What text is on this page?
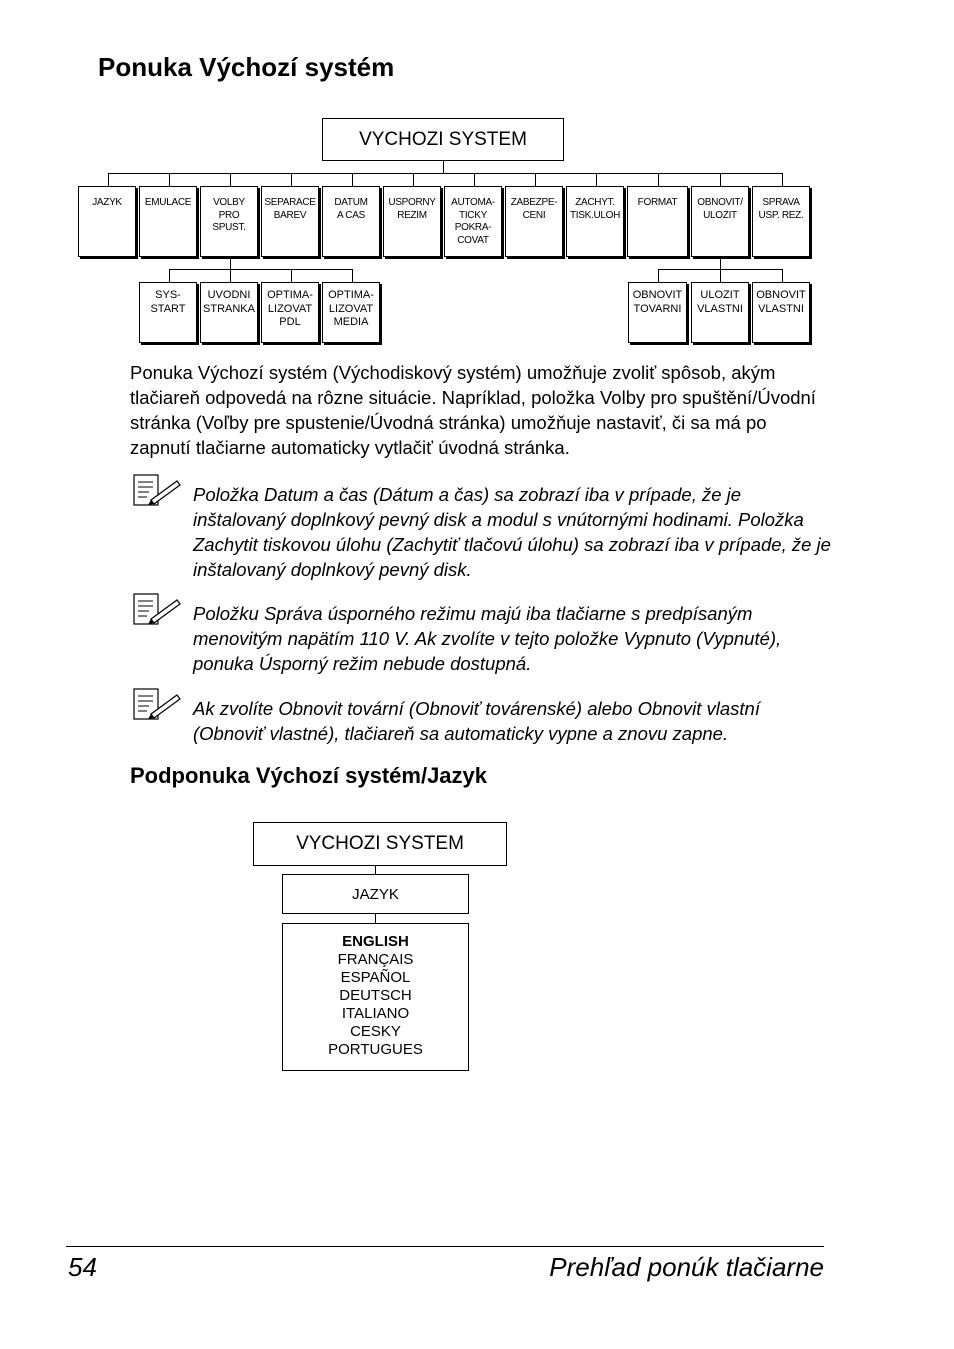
Ponuka Výchozí systém
VYCHOZI SYSTEM
JAZYK	EMULACE	VOLBY
PRO
SPUST.
SEPARACE
BAREV
DATUM
A CAS
USPORNY
REZIM
AUTOMA-
TICKY
POKRA-
COVAT
ZABEZPE-
CENI
ZACHYT.
TISK.ULOH
FORMAT	OBNOVIT/
ULOZIT
SPRAVA
USP. REZ.
SYS-
START
UVODNI
STRANKA
OPTIMA-
LIZOVAT
PDL
OPTIMA-
LIZOVAT
MEDIA
OBNOVIT
TOVARNI
ULOZIT
VLASTNI
OBNOVIT
VLASTNI

Ponuka Výchozí systém (Východiskový systém) umožňuje zvoliť spôsob, akým tlačiareň odpovedá na rôzne situácie. Napríklad, položka Volby pro spuštění/Úvodní stránka (Voľby pre spustenie/Úvodná stránka) umožňuje nastaviť, či sa má po zapnutí tlačiarne automaticky vytlačiť úvodná stránka.

Položka Datum a čas (Dátum a čas) sa zobrazí iba v prípade, že je inštalovaný doplnkový pevný disk a modul s vnútornými hodinami. Položka Zachytit tiskovou úlohu (Zachytiť tlačovú úlohu) sa zobrazí iba v prípade, že je inštalovaný doplnkový pevný disk.

Položku Správa úsporného režimu majú iba tlačiarne s predpísaným menovitým napätím 110 V. Ak zvolíte v tejto položke Vypnuto (Vypnuté), ponuka Úsporný režim nebude dostupná.

Ak zvolíte Obnovit tovární (Obnoviť továrenské) alebo Obnovit vlastní (Obnoviť vlastné), tlačiareň sa automaticky vypne a znovu zapne.

Podponuka Výchozí systém/Jazyk
VYCHOZI SYSTEM
JAZYK
ENGLISH
FRANÇAIS
ESPAÑOL
DEUTSCH
ITALIANO
CESKY
PORTUGUES
54	Prehľad ponúk tlačiarne
